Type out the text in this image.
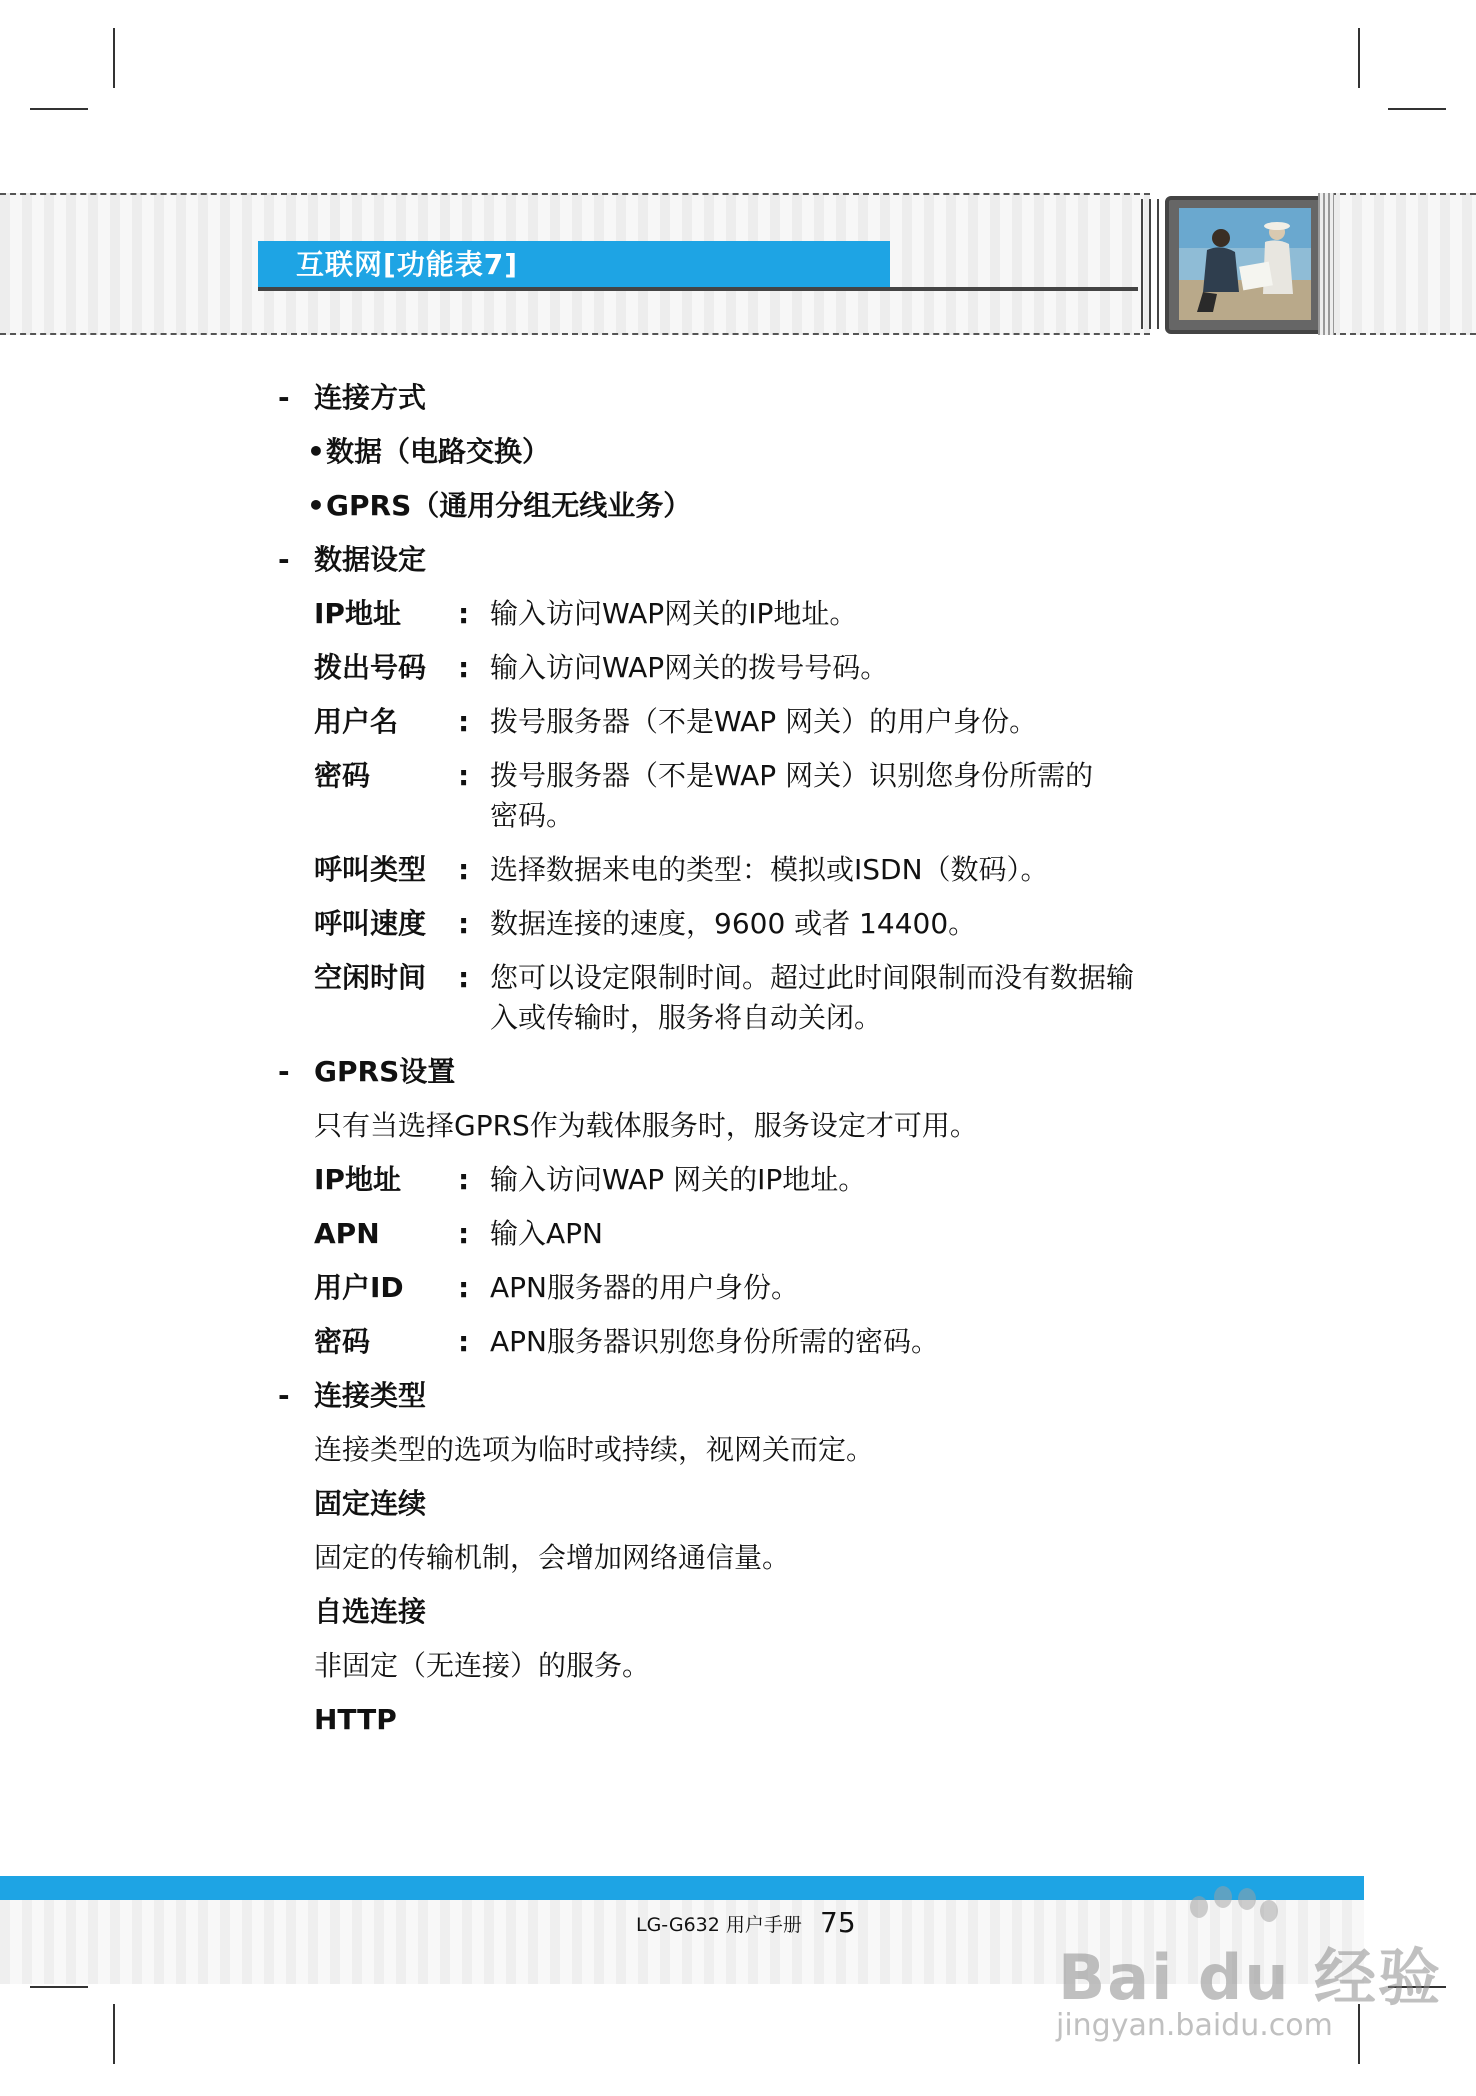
互联网[功能表7]
- 连接方式
•数据（电路交换）
•GPRS（通用分组无线业务）
- 数据设定
IP地址 : 输入访问WAP网关的IP地址。
拨出号码 : 输入访问WAP网关的拨号号码。
用户名 : 拨号服务器（不是WAP 网关）的用户身份。
密码	: 拨号服务器（不是WAP 网关）识别您身份所需的
密码。
呼叫类型 : 选择数据来电的类型：模拟或ISDN（数码）。
呼叫速度 : 数据连接的速度，9600 或者 14400。
空闲时间 : 您可以设定限制时间。超过此时间限制而没有数据输
入或传输时，服务将自动关闭。
- GPRS设置
只有当选择GPRS作为载体服务时，服务设定才可用。
IP地址 : 输入访问WAP 网关的IP地址。
APN	: 输入APN
用户ID : APN服务器的用户身份。
密码	: APN服务器识别您身份所需的密码。
- 连接类型
连接类型的选项为临时或持续，视网关而定。
固定连续
固定的传输机制，会增加网络通信量。
自选连接
非固定（无连接）的服务。
HTTP
LG-G632 用户手册 75
Bai du 经验
jingyan.baidu.com
